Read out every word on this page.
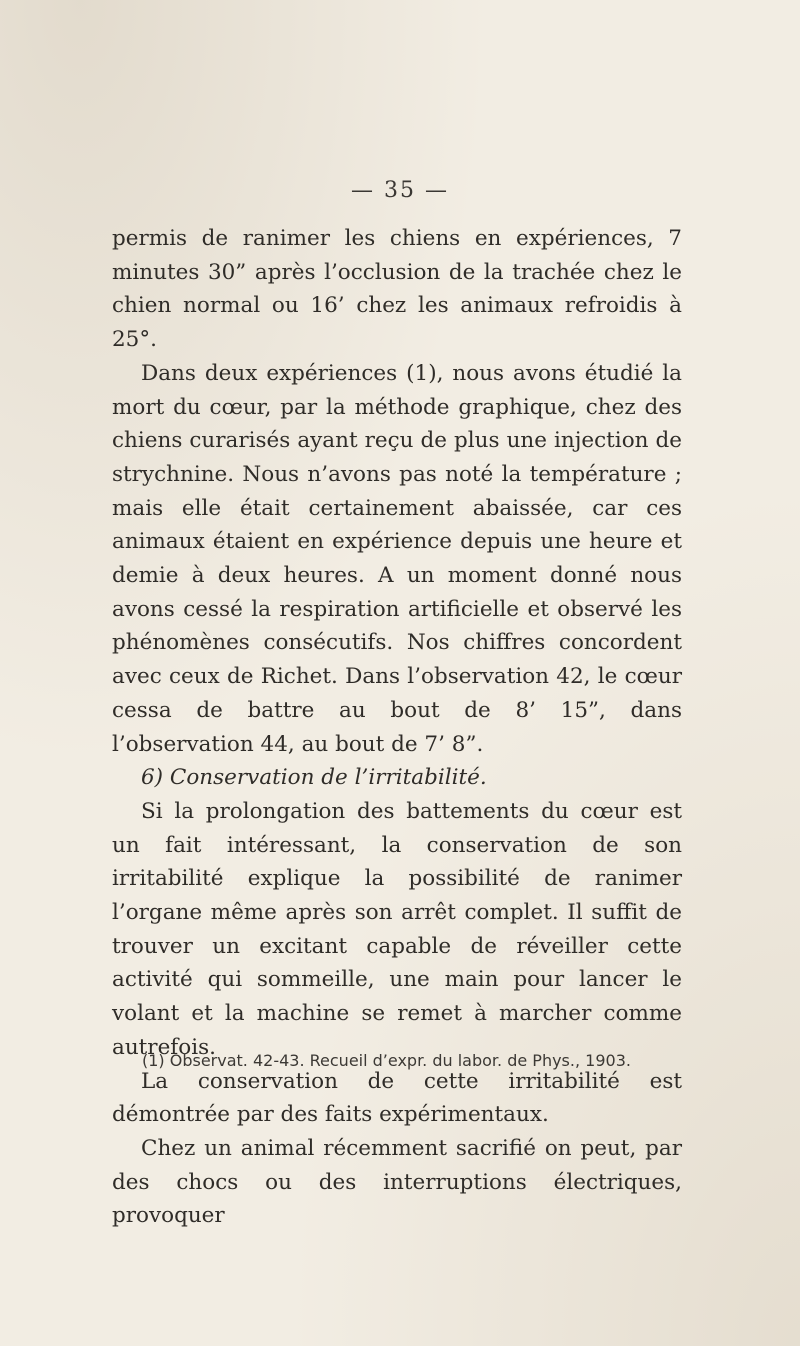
— 35 —

permis de ranimer les chiens en expériences, 7 minutes 30” après l’occlusion de la trachée chez le chien normal ou 16’ chez les animaux refroidis à 25°.

Dans deux expériences (1), nous avons étudié la mort du cœur, par la méthode graphique, chez des chiens curarisés ayant reçu de plus une injection de strychnine. Nous n’avons pas noté la température ; mais elle était certainement abaissée, car ces animaux étaient en expérience depuis une heure et demie à deux heures. A un moment donné nous avons cessé la respiration artificielle et observé les phénomènes consécutifs. Nos chiffres concordent avec ceux de Richet. Dans l’observation 42, le cœur cessa de battre au bout de 8’ 15”, dans l’observation 44, au bout de 7’ 8”.

6) Conservation de l’irritabilité.

Si la prolongation des battements du cœur est un fait intéressant, la conservation de son irritabilité explique la possibilité de ranimer l’organe même après son arrêt complet. Il suffit de trouver un excitant capable de réveiller cette activité qui sommeille, une main pour lancer le volant et la machine se remet à marcher comme autrefois.

La conservation de cette irritabilité est démontrée par des faits expérimentaux.

Chez un animal récemment sacrifié on peut, par des chocs ou des interruptions électriques, provoquer

(1) Observat. 42-43. Recueil d’expr. du labor. de Phys., 1903.
